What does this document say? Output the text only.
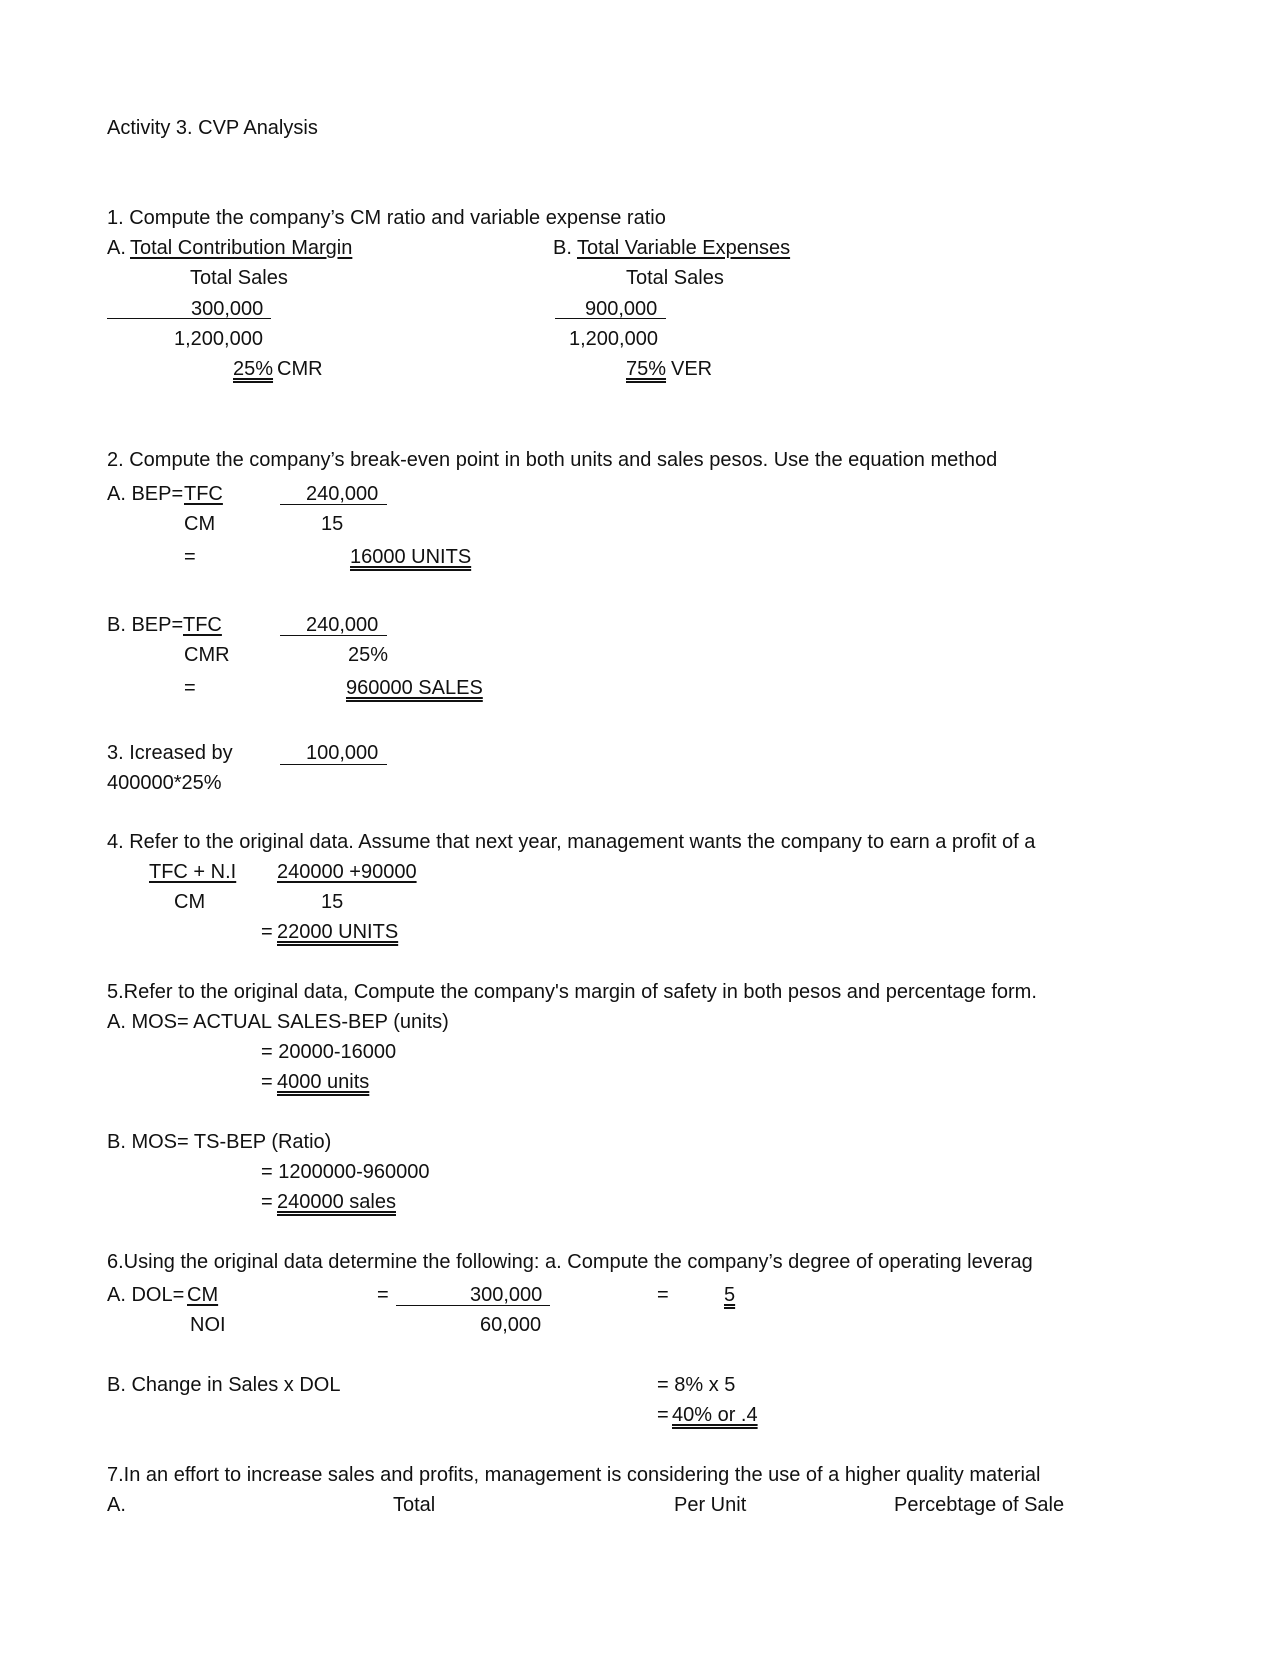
Activity 3. CVP Analysis
1. Compute the company’s CM ratio and variable expense ratio
A. Total Contribution Margin
Total Sales
300,000
1,200,000
25% CMR
B. Total Variable Expenses
Total Sales
900,000
1,200,000
75% VER
2. Compute the company’s break-even point in both units and sales pesos. Use the equation method
A. BEP= TFC	240,000
CM	15
=	16000 UNITS
B. BEP= TFC	240,000
CMR	25%
=	960000 SALES
3. Icreased by	100,000
400000*25%
4. Refer to the original data. Assume that next year, management wants the company to earn a profit of a
TFC + N.I 240000 +90000
CM	15
= 22000 UNITS
5.Refer to the original data, Compute the company's margin of safety in both pesos and percentage form.
A. MOS= ACTUAL SALES-BEP (units)
= 20000-16000
= 4000 units
B. MOS= TS-BEP (Ratio)
= 1200000-960000
= 240000 sales
6.Using the original data determine the following: a. Compute the company’s degree of operating leverag
A. DOL= CM	=	300,000	=	5
NOI	60,000
B. Change in Sales x DOL	= 8% x 5
= 40% or .4
7.In an effort to increase sales and profits, management is considering the use of a higher quality material
A.	Total	Per Unit	Percebtage of Sale
